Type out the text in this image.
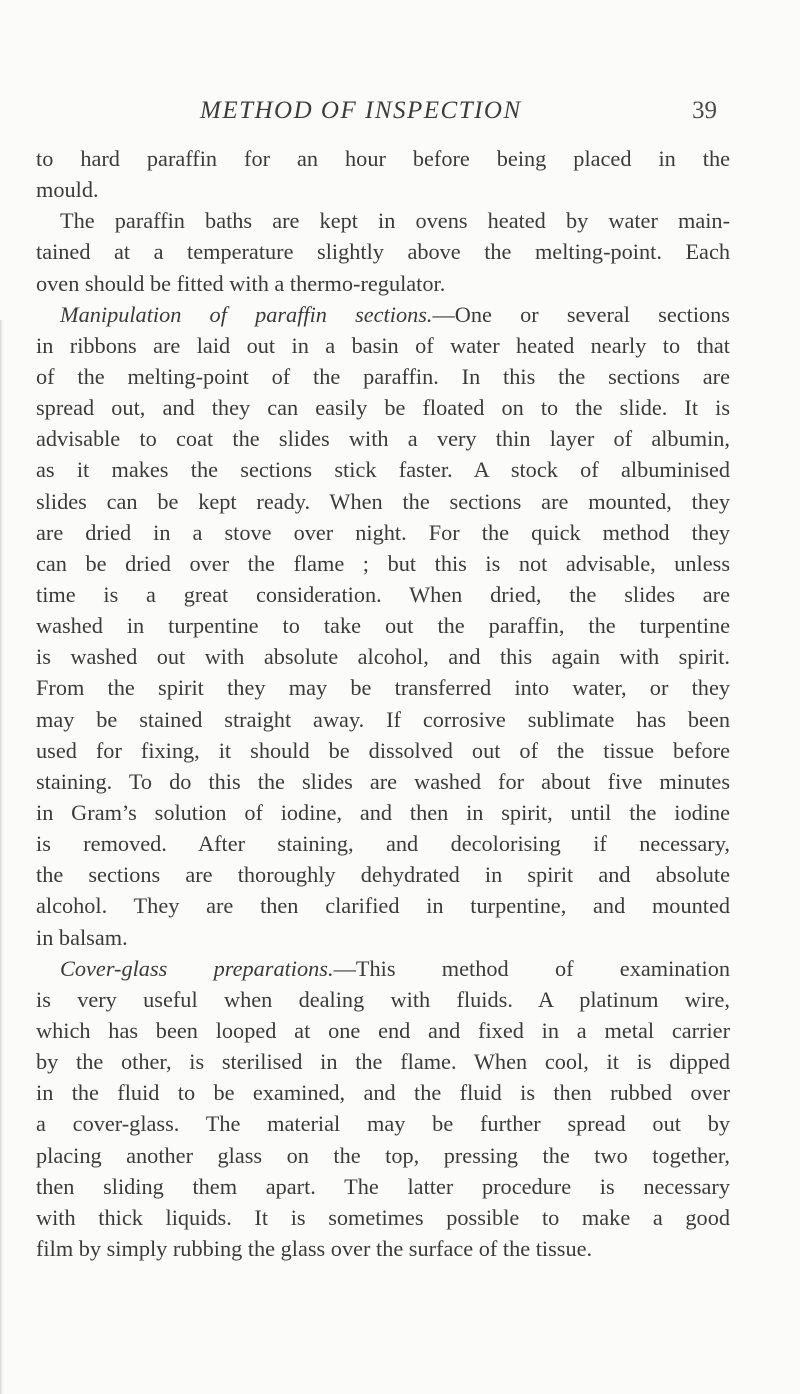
METHOD OF INSPECTION	39
to hard paraffin for an hour before being placed in the
mould.
The paraffin baths are kept in ovens heated by water main-
tained at a temperature slightly above the melting-point. Each
oven should be fitted with a thermo-regulator.
Manipulation of paraffin sections.—One or several sections
in ribbons are laid out in a basin of water heated nearly to that
of the melting-point of the paraffin. In this the sections are
spread out, and they can easily be floated on to the slide. It is
advisable to coat the slides with a very thin layer of albumin,
as it makes the sections stick faster. A stock of albuminised
slides can be kept ready. When the sections are mounted, they
are dried in a stove over night. For the quick method they
can be dried over the flame ; but this is not advisable, unless
time is a great consideration. When dried, the slides are
washed in turpentine to take out the paraffin, the turpentine
is washed out with absolute alcohol, and this again with spirit.
From the spirit they may be transferred into water, or they
may be stained straight away. If corrosive sublimate has been
used for fixing, it should be dissolved out of the tissue before
staining. To do this the slides are washed for about five minutes
in Gram’s solution of iodine, and then in spirit, until the iodine
is removed. After staining, and decolorising if necessary,
the sections are thoroughly dehydrated in spirit and absolute
alcohol. They are then clarified in turpentine, and mounted
in balsam.
Cover-glass preparations.—This method of examination
is very useful when dealing with fluids. A platinum wire,
which has been looped at one end and fixed in a metal carrier
by the other, is sterilised in the flame. When cool, it is dipped
in the fluid to be examined, and the fluid is then rubbed over
a cover-glass. The material may be further spread out by
placing another glass on the top, pressing the two together,
then sliding them apart. The latter procedure is necessary
with thick liquids. It is sometimes possible to make a good
film by simply rubbing the glass over the surface of the tissue.
